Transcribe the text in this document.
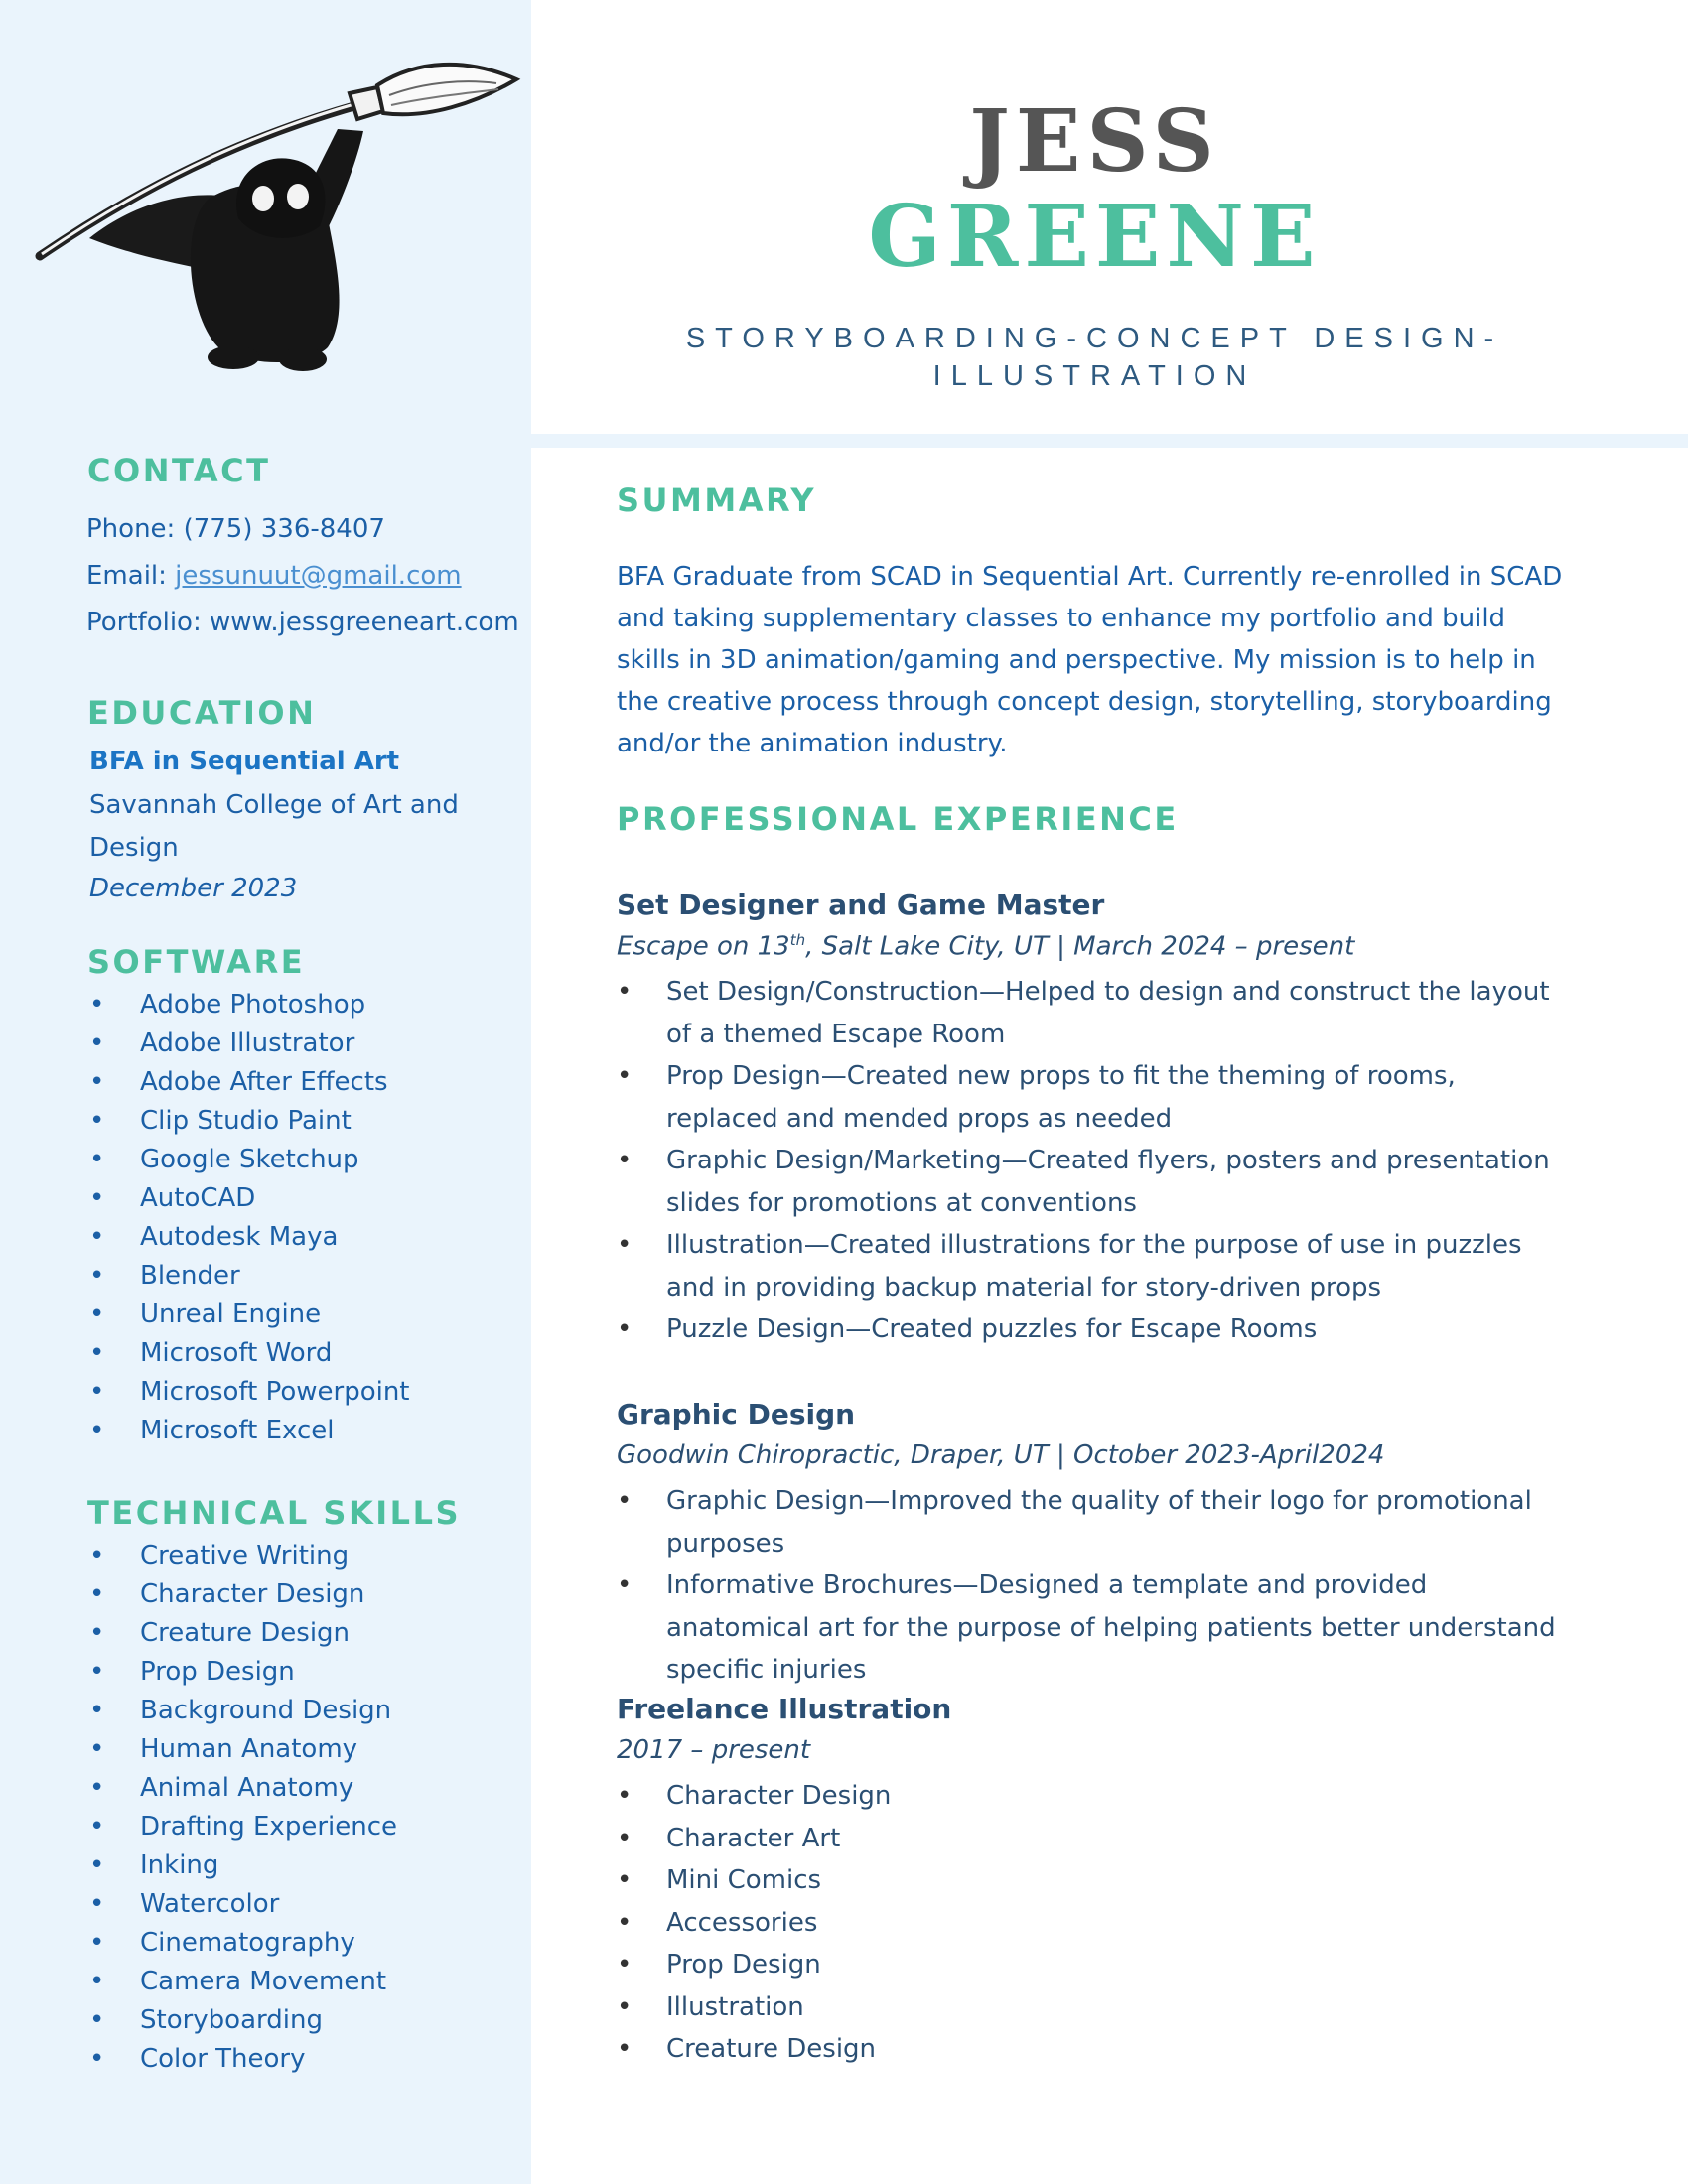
CONTACT
Phone: (775) 336-8407
Email: jessunuut@gmail.com
Portfolio: www.jessgreeneart.com
EDUCATION
BFA in Sequential Art
Savannah College of Art and Design
December 2023
SOFTWARE
• Adobe Photoshop
• Adobe Illustrator
• Adobe After Effects
• Clip Studio Paint
• Google Sketchup
• AutoCAD
• Autodesk Maya
• Blender
• Unreal Engine
• Microsoft Word
• Microsoft Powerpoint
• Microsoft Excel
TECHNICAL SKILLS
• Creative Writing
• Character Design
• Creature Design
• Prop Design
• Background Design
• Human Anatomy
• Animal Anatomy
• Drafting Experience
• Inking
• Watercolor
• Cinematography
• Camera Movement
• Storyboarding
• Color Theory
JESS
GREENE
STORYBOARDING-CONCEPT DESIGN-ILLUSTRATION
SUMMARY
BFA Graduate from SCAD in Sequential Art. Currently re-enrolled in SCAD and taking supplementary classes to enhance my portfolio and build skills in 3D animation/gaming and perspective. My mission is to help in the creative process through concept design, storytelling, storyboarding and/or the animation industry.
PROFESSIONAL EXPERIENCE
Set Designer and Game Master
Escape on 13th, Salt Lake City, UT | March 2024 – present
• Set Design/Construction—Helped to design and construct the layout of a themed Escape Room
• Prop Design—Created new props to fit the theming of rooms, replaced and mended props as needed
• Graphic Design/Marketing—Created flyers, posters and presentation slides for promotions at conventions
• Illustration—Created illustrations for the purpose of use in puzzles and in providing backup material for story-driven props
• Puzzle Design—Created puzzles for Escape Rooms
Graphic Design
Goodwin Chiropractic, Draper, UT | October 2023-April2024
• Graphic Design—Improved the quality of their logo for promotional purposes
• Informative Brochures—Designed a template and provided anatomical art for the purpose of helping patients better understand specific injuries
Freelance Illustration
2017 – present
• Character Design
• Character Art
• Mini Comics
• Accessories
• Prop Design
• Illustration
• Creature Design
